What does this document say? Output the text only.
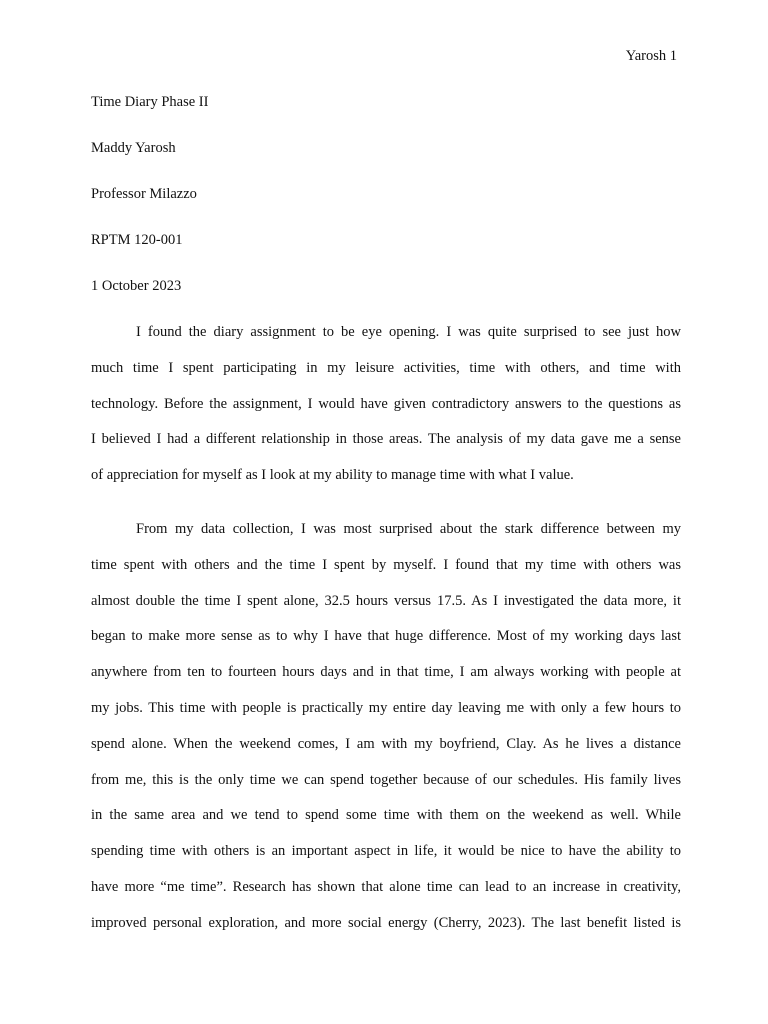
Yarosh 1
Time Diary Phase II
Maddy Yarosh
Professor Milazzo
RPTM 120-001
1 October 2023
I found the diary assignment to be eye opening. I was quite surprised to see just how
much time I spent participating in my leisure activities, time with others, and time with
technology. Before the assignment, I would have given contradictory answers to the questions as
I believed I had a different relationship in those areas. The analysis of my data gave me a sense
of appreciation for myself as I look at my ability to manage time with what I value.
From my data collection, I was most surprised about the stark difference between my
time spent with others and the time I spent by myself. I found that my time with others was
almost double the time I spent alone, 32.5 hours versus 17.5. As I investigated the data more, it
began to make more sense as to why I have that huge difference. Most of my working days last
anywhere from ten to fourteen hours days and in that time, I am always working with people at
my jobs. This time with people is practically my entire day leaving me with only a few hours to
spend alone. When the weekend comes, I am with my boyfriend, Clay. As he lives a distance
from me, this is the only time we can spend together because of our schedules. His family lives
in the same area and we tend to spend some time with them on the weekend as well. While
spending time with others is an important aspect in life, it would be nice to have the ability to
have more “me time”. Research has shown that alone time can lead to an increase in creativity,
improved personal exploration, and more social energy (Cherry, 2023). The last benefit listed is
